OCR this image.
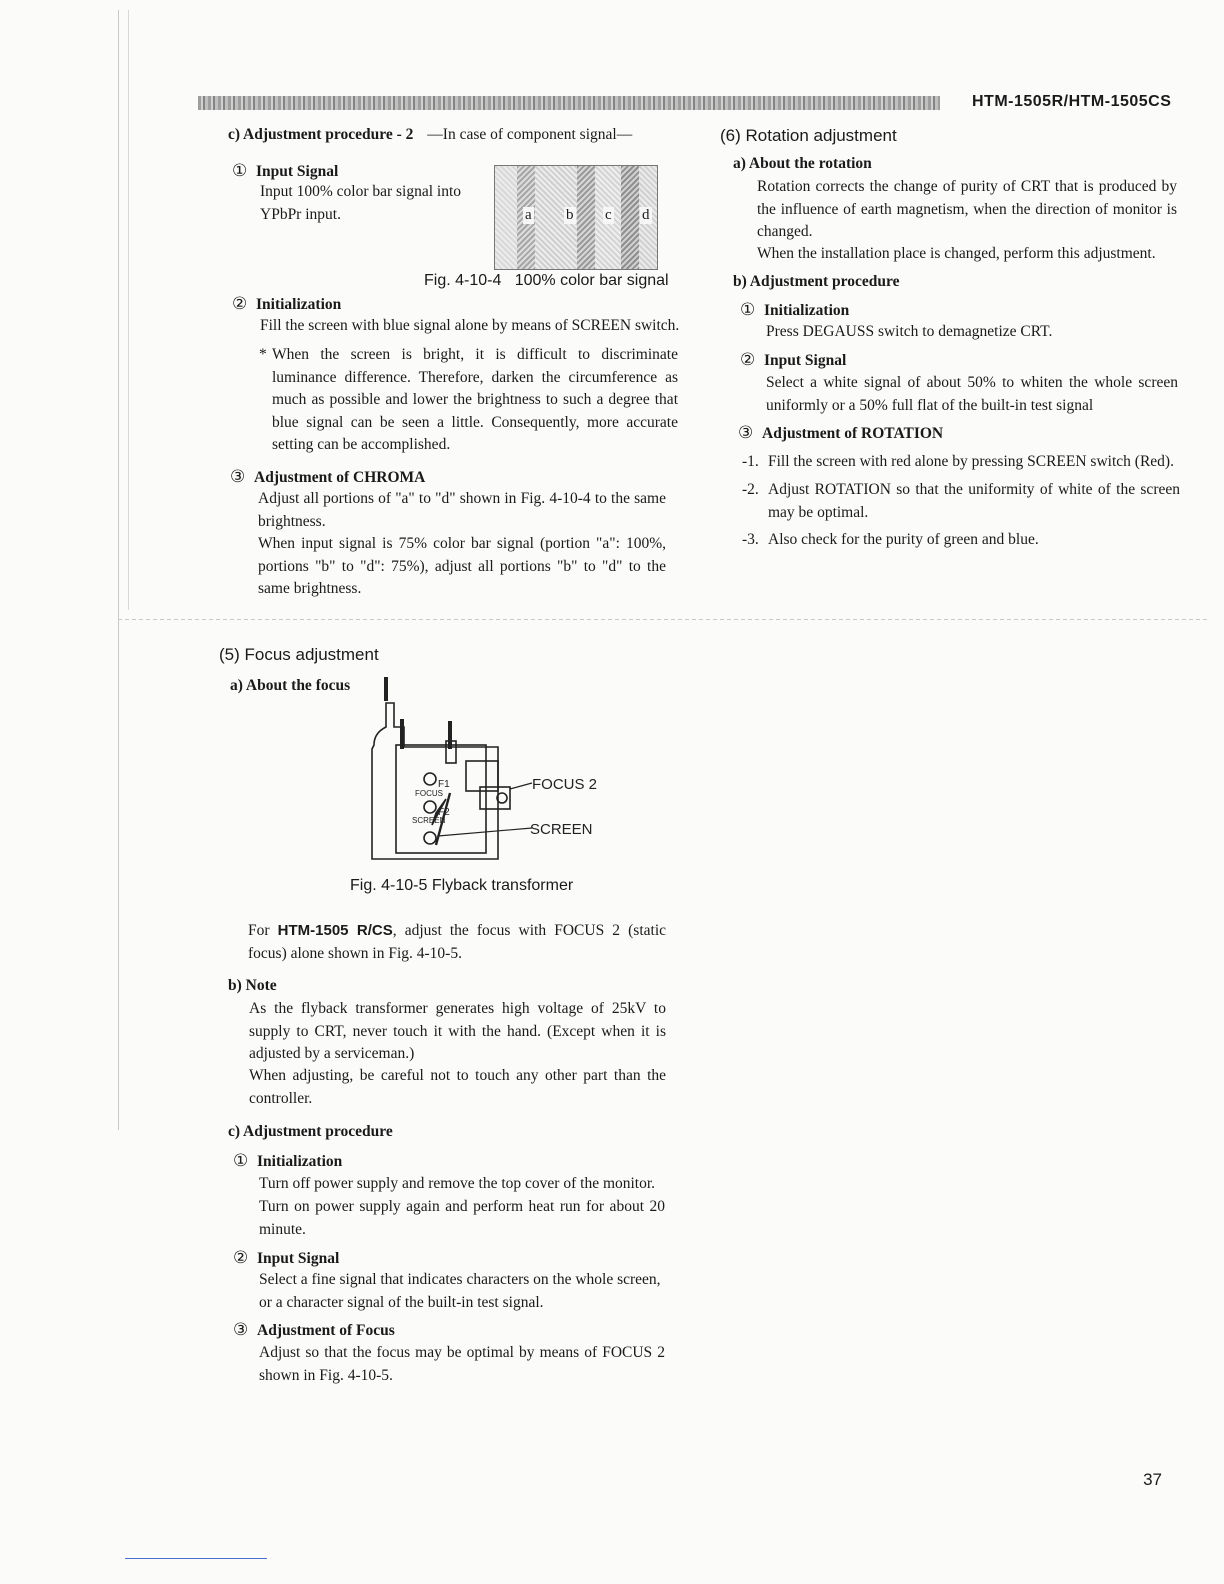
HTM-1505R/HTM-1505CS
c) Adjustment procedure - 2 —In case of component signal—
① Input Signal
Input 100% color bar signal into
YPbPr input.	a b c d
Fig. 4-10-4   100% color bar signal
② Initialization
Fill the screen with blue signal alone by means of SCREEN switch.
* When the screen is bright, it is difficult to discriminate luminance difference. Therefore, darken the circumference as much as possible and lower the brightness to such a degree that blue signal can be seen a little. Consequently, more accurate setting can be accomplished.
③ Adjustment of CHROMA
Adjust all portions of "a" to "d" shown in Fig. 4-10-4 to the same brightness.
When input signal is 75% color bar signal (portion "a": 100%, portions "b" to "d": 75%), adjust all portions "b" to "d" to the same brightness.
(6) Rotation adjustment
a) About the rotation
Rotation corrects the change of purity of CRT that is produced by the influence of earth magnetism, when the direction of monitor is changed.
When the installation place is changed, perform this adjustment.
b) Adjustment procedure
① Initialization
Press DEGAUSS switch to demagnetize CRT.
② Input Signal
Select a white signal of about 50% to whiten the whole screen uniformly or a 50% full flat of the built-in test signal
③ Adjustment of ROTATION
-1. Fill the screen with red alone by pressing SCREEN switch (Red).
-2. Adjust ROTATION so that the uniformity of white of the screen may be optimal.
-3. Also check for the purity of green and blue.
(5) Focus adjustment
a) About the focus
F1
FOCUS
F2
SCREEN
FOCUS 2
SCREEN
Fig. 4-10-5 Flyback transformer
For HTM-1505 R/CS, adjust the focus with FOCUS 2 (static focus) alone shown in Fig. 4-10-5.
b) Note
As the flyback transformer generates high voltage of 25kV to supply to CRT, never touch it with the hand. (Except when it is adjusted by a serviceman.)
When adjusting, be careful not to touch any other part than the controller.
c) Adjustment procedure
① Initialization
Turn off power supply and remove the top cover of the monitor.
Turn on power supply again and perform heat run for about 20 minute.
② Input Signal
Select a fine signal that indicates characters on the whole screen, or a character signal of the built-in test signal.
③ Adjustment of Focus
Adjust so that the focus may be optimal by means of FOCUS 2 shown in Fig. 4-10-5.
37
